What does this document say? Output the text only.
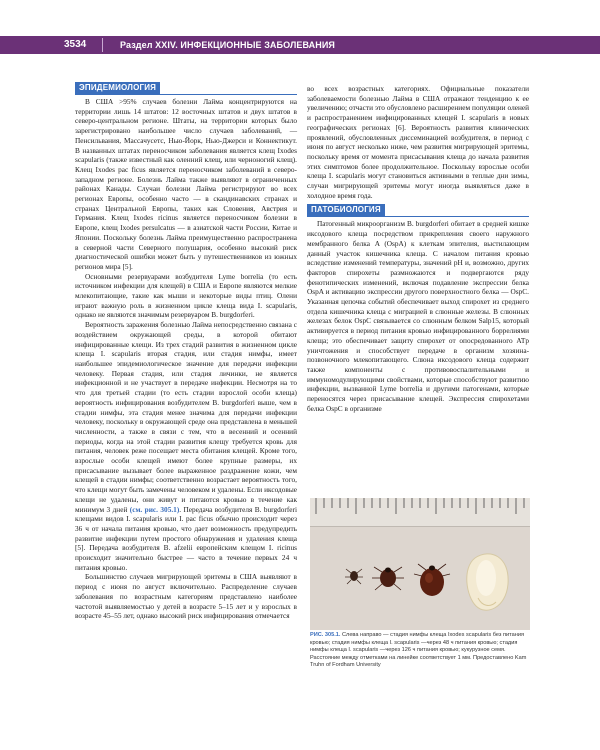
3534	Раздел XXIV. ИНФЕКЦИОННЫЕ ЗАБОЛЕВАНИЯ
ЭПИДЕМИОЛОГИЯ

В США >95% случаев болезни Лайма концентрируются на территории лишь 14 штатов: 12 восточных штатов и двух штатов в северо-центральном регионе. Штаты, на территории которых было зарегистрировано наибольшее число случаев заболеваний, — Пенсильвания, Массачусетс, Нью-Йорк, Нью-Джерси и Коннектикут. В названных штатах переносчиком заболевания является клещ Ixodes scapularis (также известный как оленний клещ, или черноногий клещ). Клещ Ixodes pac ficus является переносчиком заболеваний в северо-западном регионе. Болезнь Лайма также выявляют в ограниченных районах Канады. Случаи болезни Лайма регистрируют во всех регионах Европы, особенно часто — в скандинавских странах и странах Центральной Европы, таких как Словения, Австрия и Германия. Клещ Ixodes ricinus является переносчиком болезни в Европе, клещ Ixodes persulcatus — в азиатской части России, Китае и Японии. Поскольку болезнь Лайма преимущественно распространена в северной части Северного полушария, особенно высокий риск диагностической ошибки может быть у путешественников из южных регионов мира [5].

Основными резервуарами возбудителя Lyme borrelia (то есть источником инфекции для клещей) в США и Европе являются мелкие млекопитающие, такие как мыши и некоторые виды птиц. Олени играют важную роль в жизненном цикле клеща вида I. scapularis, однако не являются значимым резервуаром B. burgdorferi.

Вероятность заражения болезнью Лайма непосредственно связана с воздействием окружающей среды, в которой обитают инфицированные клещи. Из трех стадий развития в жизненном цикле клеща I. scapularis вторая стадия, или стадия нимфы, имеет наибольшее эпидемиологическое значение для передачи инфекции человеку. Первая стадия, или стадия личинки, не является инфекционной и не участвует в передаче инфекции. Несмотря на то что для третьей стадии (то есть стадии взрослой особи клеща) вероятность инфицирования возбудителем B. burgdorferi выше, чем в стадии нимфы, эта стадия менее значима для передачи инфекции человеку, поскольку в окружающей среде она представлена в меньшей численности, а также в связи с тем, что в весенний и осенний периоды, когда на этой стадии развития клещу требуется кровь для питания, человек реже посещает места обитания клещей. Кроме того, взрослые особи клещей имеют более крупные размеры, их присасывание вызывает более выраженное раздражение кожи, чем клещей в стадии нимфы; соответственно возрастает вероятность того, что клещи могут быть замечены человеком и удалены. Если иксодовые клещи не удалены, они живут и питаются кровью в течение как минимум 3 дней (см. рис. 305.1). Передача возбудителя B. burgdorferi клещами видов I. scapularis или I. pac ficus обычно происходит через 36 ч от начала питания кровью, что дает возможность предупредить развитие инфекции путем простого обнаружения и удаления клещa [5]. Передача возбудителя B. afzelii европейским клещом I. ricinus происходит значительно быстрее — часто в течение первых 24 ч питания кровью.

Большинство случаев мигрирующей эритемы в США выявляют в период с июня по август включительно. Распределение случаев заболевания по возрастным категориям представлено наиболее частотой выявляемостью у детей в возрасте 5–15 лет и у взрослых в возрасте 45–55 лет, однако высокий риск инфицирования отмечается

во всех возрастных категориях. Официальные показатели заболеваемости болезнью Лайма в США отражают тенденцию к ее увеличению; отчасти это обусловлено расширением популяции оленей и распространением инфицированных клещей I. scapularis в новых географических регионах [6]. Вероятность развития клинических проявлений, обусловленных диссеминацией возбудителя, в период с июня по август несколько ниже, чем развития мигрирующей эритемы, поскольку время от момента присасывания клеща до начала развития этих симптомов более продолжительное. Поскольку взрослые особи клеща I. scapularis могут становиться активными в теплые дни зимы, случаи мигрирующей эритемы могут иногда выявляться даже в холодное время года.

ПАТОБИОЛОГИЯ

Патогенный микроорганизм B. burgdorferi обитает в средней кишке иксодового клеща посредством прикрепления своего наружного мембранного белка A (OspA) к клеткам эпителия, выстилающим данный участок кишечника клеща. С началом питания кровью вследствие изменений температуры, значений pH и, возможно, других факторов спирохеты размножаются и подвергаются ряду фенотипических изменений, включая подавление экспрессии белка OspA и активацию экспрессии другого поверхностного белка — OspC. Указанная цепочка событий обеспечивает выход спирохет из среднего отдела кишечника клеща с миграцией в слюнные железы. В слюнных железах белок OspC связывается со слюнным белком Salp15, который активируется в период питания кровью инфицированного боррелиями клеща; это обеспечивает защиту спирохет от опосредованного ATр уничтожения и способствует передаче в организм хозяина-позвоночного млекопитающего. Слюна иксодового клеща содержит также компоненты с противовоспалительными и иммуномодулирующими свойствами, которые способствуют развитию инфекции, вызванной Lyme borrelia и другими патогенами, которые переносятся через присасывание клещей. Экспрессия спирохетами белка OspC в организме

РИС. 305.1. Слева направо — стадия нимфы клеща Ixodes scapularis без питания кровью; стадия нимфы клеща I. scapularis —через 48 ч питания кровью; стадия нимфы клеща I. scapularis —через 126 ч питания кровью; кукурузное семя. Расстояние между отметками на линейке соответствует 1 мм. Предоставлено Kam Truhn of Fordham University
